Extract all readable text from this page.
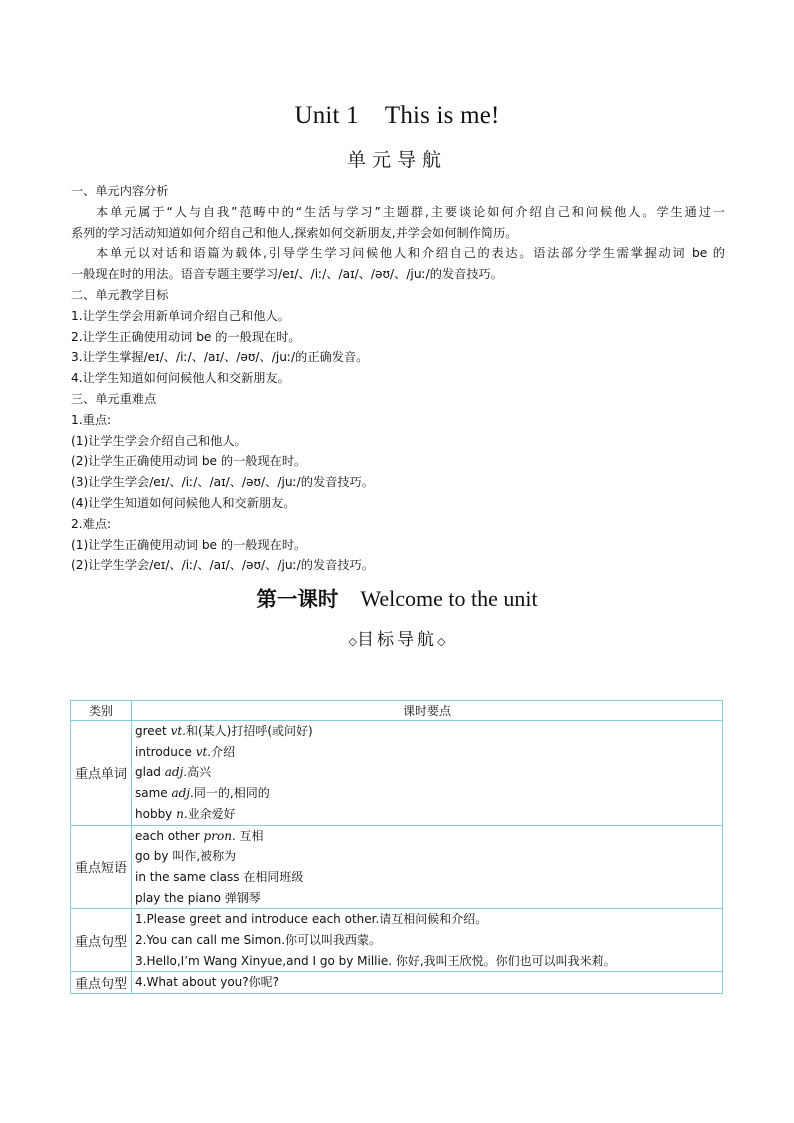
Unit 1 This is me!
单元导航
一、单元内容分析
本单元属于“人与自我”范畴中的“生活与学习”主题群,主要谈论如何介绍自己和问候他人。学生通过一
系列的学习活动知道如何介绍自己和他人,探索如何交新朋友,并学会如何制作简历。
本单元以对话和语篇为载体,引导学生学习问候他人和介绍自己的表达。语法部分学生需掌握动词 be 的
一般现在时的用法。语音专题主要学习/eɪ/、/iː/、/aɪ/、/əʊ/、/juː/的发音技巧。
二、单元教学目标
1.让学生学会用新单词介绍自己和他人。
2.让学生正确使用动词 be 的一般现在时。
3.让学生掌握/eɪ/、/iː/、/aɪ/、/əʊ/、/juː/的正确发音。
4.让学生知道如何问候他人和交新朋友。
三、单元重难点
1.重点:
(1)让学生学会介绍自己和他人。
(2)让学生正确使用动词 be 的一般现在时。
(3)让学生学会/eɪ/、/iː/、/aɪ/、/əʊ/、/juː/的发音技巧。
(4)让学生知道如何问候他人和交新朋友。
2.难点:
(1)让学生正确使用动词 be 的一般现在时。
(2)让学生学会/eɪ/、/iː/、/aɪ/、/əʊ/、/juː/的发音技巧。
第一课时 Welcome to the unit
◇目标导航◇
类别	课时要点
重点单词	greet vt.和(某人)打招呼(或问好)
introduce vt.介绍
glad adj.高兴
same adj.同一的,相同的
hobby n.业余爱好

重点短语	each other pron. 互相
go by 叫作,被称为
in the same class 在相同班级
play the piano 弹钢琴

重点句型	1.Please greet and introduce each other.请互相问候和介绍。
2.You can call me Simon.你可以叫我西蒙。
3.Hello,I’m Wang Xinyue,and I go by Millie. 你好,我叫王欣悦。你们也可以叫我米莉。

重点句型	4.What about you?你呢?
